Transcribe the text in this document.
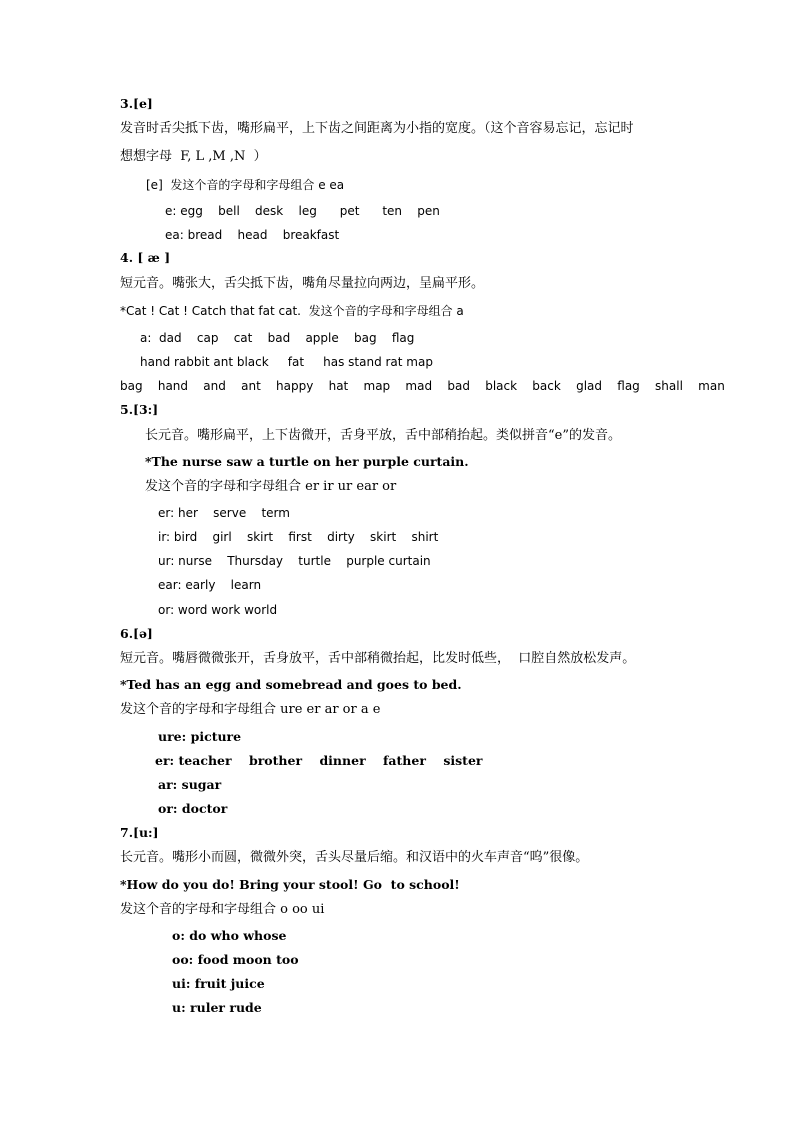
3.[e]
发音时舌尖抵下齿，嘴形扁平，上下齿之间距离为小指的宽度。（这个音容易忘记，忘记时
想想字母  F, L ,M ,N  ）
[e]  发这个音的字母和字母组合 e ea
e: egg    bell    desk    leg      pet      ten    pen
ea: bread    head    breakfast
4. [ æ ]
短元音。嘴张大，舌尖抵下齿，嘴角尽量拉向两边，呈扁平形。
*Cat ! Cat ! Catch that fat cat.  发这个音的字母和字母组合 a
a:  dad    cap    cat    bad    apple    bag    flag
hand rabbit ant black     fat     has stand rat map
bag    hand    and    ant    happy    hat    map    mad    bad    black    back    glad    flag    shall    man
5.[3:]
长元音。嘴形扁平，上下齿微开，舌身平放，舌中部稍抬起。类似拼音“e”的发音。
*The nurse saw a turtle on her purple curtain.
发这个音的字母和字母组合 er ir ur ear or
er: her    serve    term
ir: bird    girl    skirt    first    dirty    skirt    shirt
ur: nurse    Thursday    turtle    purple curtain
ear: early    learn
or: word work world
6.[ə]
短元音。嘴唇微微张开，舌身放平，舌中部稍微抬起，比发时低些，  口腔自然放松发声。
*Ted has an egg and somebread and goes to bed.
发这个音的字母和字母组合 ure er ar or a e
ure: picture
er: teacher    brother    dinner    father    sister
ar: sugar
or: doctor
7.[u:]
长元音。嘴形小而圆，微微外突，舌头尽量后缩。和汉语中的火车声音“呜”很像。
*How do you do! Bring your stool! Go  to school!
发这个音的字母和字母组合 o oo ui
o: do who whose
oo: food moon too
ui: fruit juice
u: ruler rude
